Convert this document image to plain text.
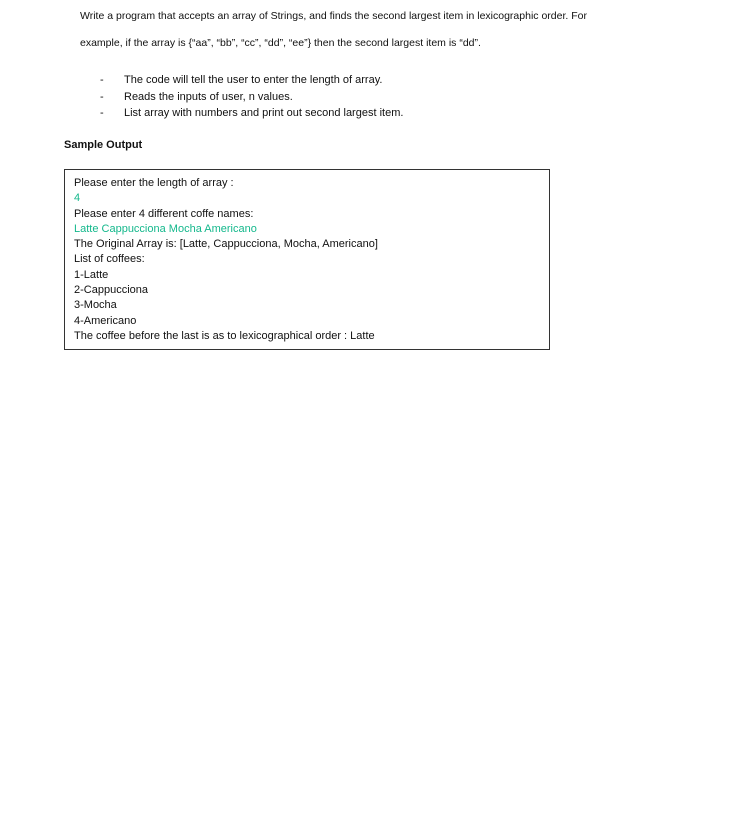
Write a program that accepts an array of Strings, and finds the second largest item in lexicographic order. For
example, if the array is {“aa”, “bb”, “cc”, “dd”, “ee”} then the second largest item is “dd”.
- The code will tell the user to enter the length of array.
- Reads the inputs of user, n values.
- List array with numbers and print out second largest item.
Sample Output
Please enter the length of array :
4
Please enter 4 different coffe names:
Latte Cappucciona Mocha Americano
The Original Array is: [Latte, Cappucciona, Mocha, Americano]
List of coffees:
1-Latte
2-Cappucciona
3-Mocha
4-Americano
The coffee before the last is as to lexicographical order : Latte
